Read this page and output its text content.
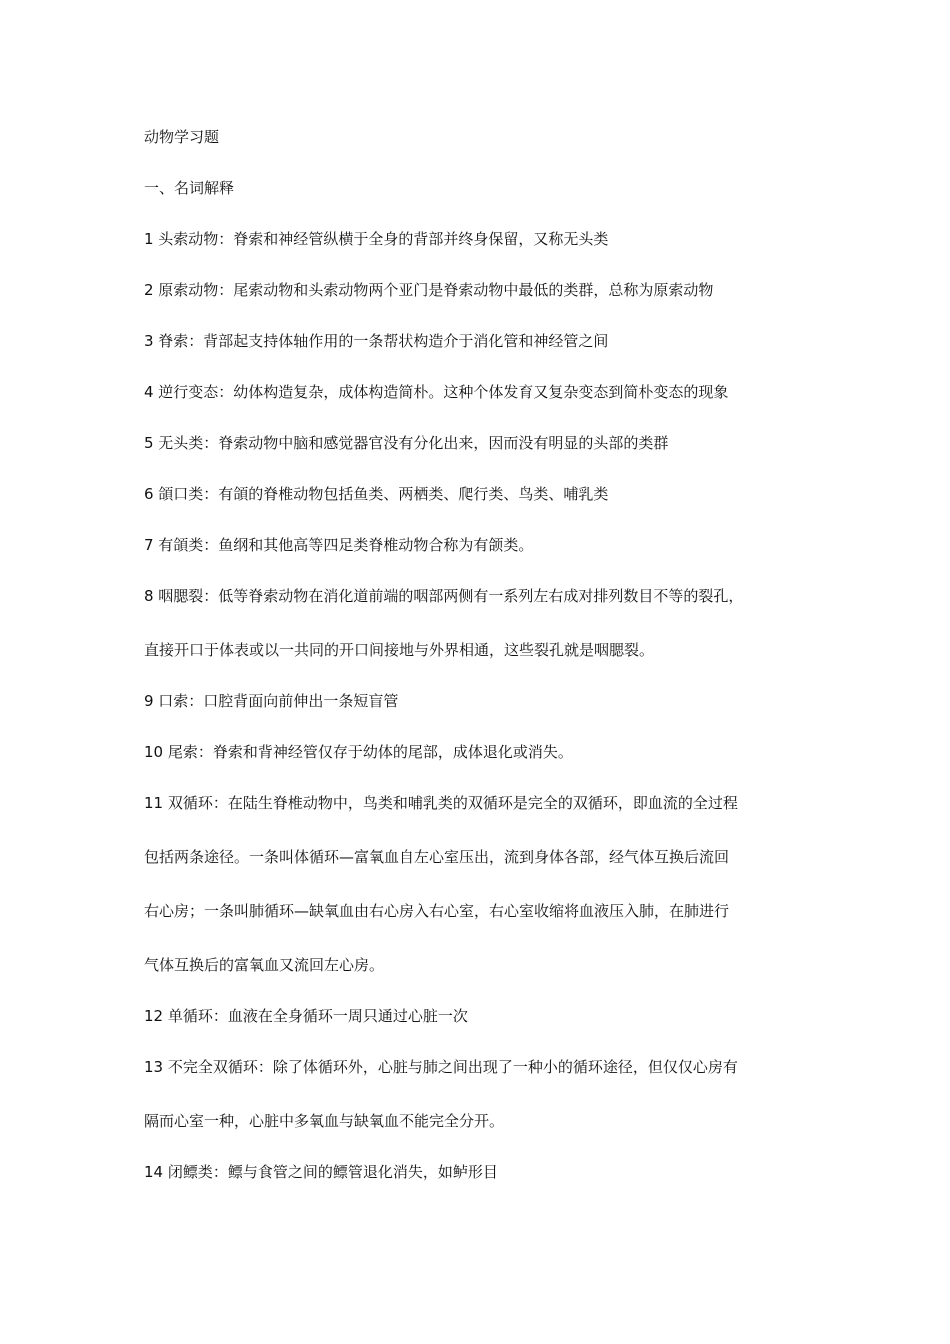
动物学习题
一、名词解释
1 头索动物：脊索和神经管纵横于全身的背部并终身保留，又称无头类
2 原索动物：尾索动物和头索动物两个亚门是脊索动物中最低的类群，总称为原索动物
3 脊索：背部起支持体轴作用的一条帮状构造介于消化管和神经管之间
4 逆行变态：幼体构造复杂，成体构造简朴。这种个体发育又复杂变态到简朴变态的现象
5 无头类：脊索动物中脑和感觉器官没有分化出来，因而没有明显的头部的类群
6 頜口类：有頜的脊椎动物包括鱼类、两栖类、爬行类、鸟类、哺乳类
7 有頜类：鱼纲和其他高等四足类脊椎动物合称为有颌类。
8 咽腮裂：低等脊索动物在消化道前端的咽部两侧有一系列左右成对排列数目不等的裂孔，
直接开口于体表或以一共同的开口间接地与外界相通，这些裂孔就是咽腮裂。
9 口索：口腔背面向前伸出一条短盲管
10 尾索：脊索和背神经管仅存于幼体的尾部，成体退化或消失。
11 双循环：在陆生脊椎动物中，鸟类和哺乳类的双循环是完全的双循环，即血流的全过程
包括两条途径。一条叫体循环—富氧血自左心室压出，流到身体各部，经气体互换后流回
右心房；一条叫肺循环—缺氧血由右心房入右心室，右心室收缩将血液压入肺，在肺进行
气体互换后的富氧血又流回左心房。
12 单循环：血液在全身循环一周只通过心脏一次
13 不完全双循环：除了体循环外，心脏与肺之间出现了一种小的循环途径，但仅仅心房有
隔而心室一种，心脏中多氧血与缺氧血不能完全分开。
14 闭鳔类：鳔与食管之间的鳔管退化消失，如鲈形目
